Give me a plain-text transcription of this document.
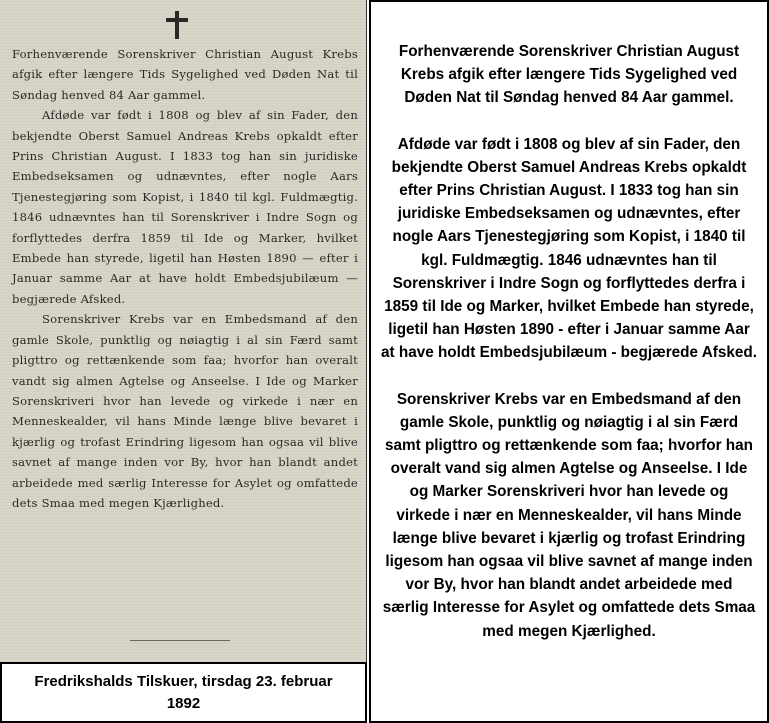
Forhenværende Sorenskriver Christian August Krebs afgik efter længere Tids Sygelighed ved Døden Nat til Søndag henved 84 Aar gammel.

Afdøde var født i 1808 og blev af sin Fader, den bekjendte Oberst Samuel Andreas Krebs opkaldt efter Prins Christian August. I 1833 tog han sin juridiske Embedseksamen og udnævntes, efter nogle Aars Tjenestegjøring som Kopist, i 1840 til kgl. Fuldmægtig. 1846 udnævntes han til Sorenskriver i Indre Sogn og forflyttedes derfra 1859 til Ide og Marker, hvilket Embede han styrede, ligetil han Høsten 1890 — efter i Januar samme Aar at have holdt Embedsjubilæum — begjærede Afsked.

Sorenskriver Krebs var en Embedsmand af den gamle Skole, punktlig og nøiagtig i al sin Færd samt pligttro og rettænkende som faa; hvorfor han overalt vandt sig almen Agtelse og Anseelse. I Ide og Marker Sorenskriveri hvor han levede og virkede i nær en Menneskealder, vil hans Minde længe blive bevaret i kjærlig og trofast Erindring ligesom han ogsaa vil blive savnet af mange inden vor By, hvor han blandt andet arbeidede med særlig Interesse for Asylet og omfattede dets Smaa med megen Kjærlighed.

Fredrikshalds Tilskuer, tirsdag 23. februar 1892

Forhenværende Sorenskriver Christian August Krebs afgik efter længere Tids Sygelighed ved Døden Nat til Søndag henved 84 Aar gammel.

Afdøde var født i 1808 og blev af sin Fader, den bekjendte Oberst Samuel Andreas Krebs opkaldt efter Prins Christian August. I 1833 tog han sin juridiske Embedseksamen og udnævntes, efter nogle Aars Tjenestegjøring som Kopist, i 1840 til kgl. Fuldmægtig. 1846 udnævntes han til Sorenskriver i Indre Sogn og forflyttedes derfra i 1859 til Ide og Marker, hvilket Embede han styrede, ligetil han Høsten 1890 - efter i Januar samme Aar at have holdt Embedsjubilæum - begjærede Afsked.

Sorenskriver Krebs var en Embedsmand af den gamle Skole, punktlig og nøiagtig i al sin Færd samt pligttro og rettænkende som faa; hvorfor han overalt vand sig almen Agtelse og Anseelse. I Ide og Marker Sorenskriveri hvor han levede og virkede i nær en Menneskealder, vil hans Minde længe blive bevaret i kjærlig og trofast Erindring ligesom han ogsaa vil blive savnet af mange inden vor By, hvor han blandt andet arbeidede med særlig Interesse for Asylet og omfattede dets Smaa med megen Kjærlighed.
